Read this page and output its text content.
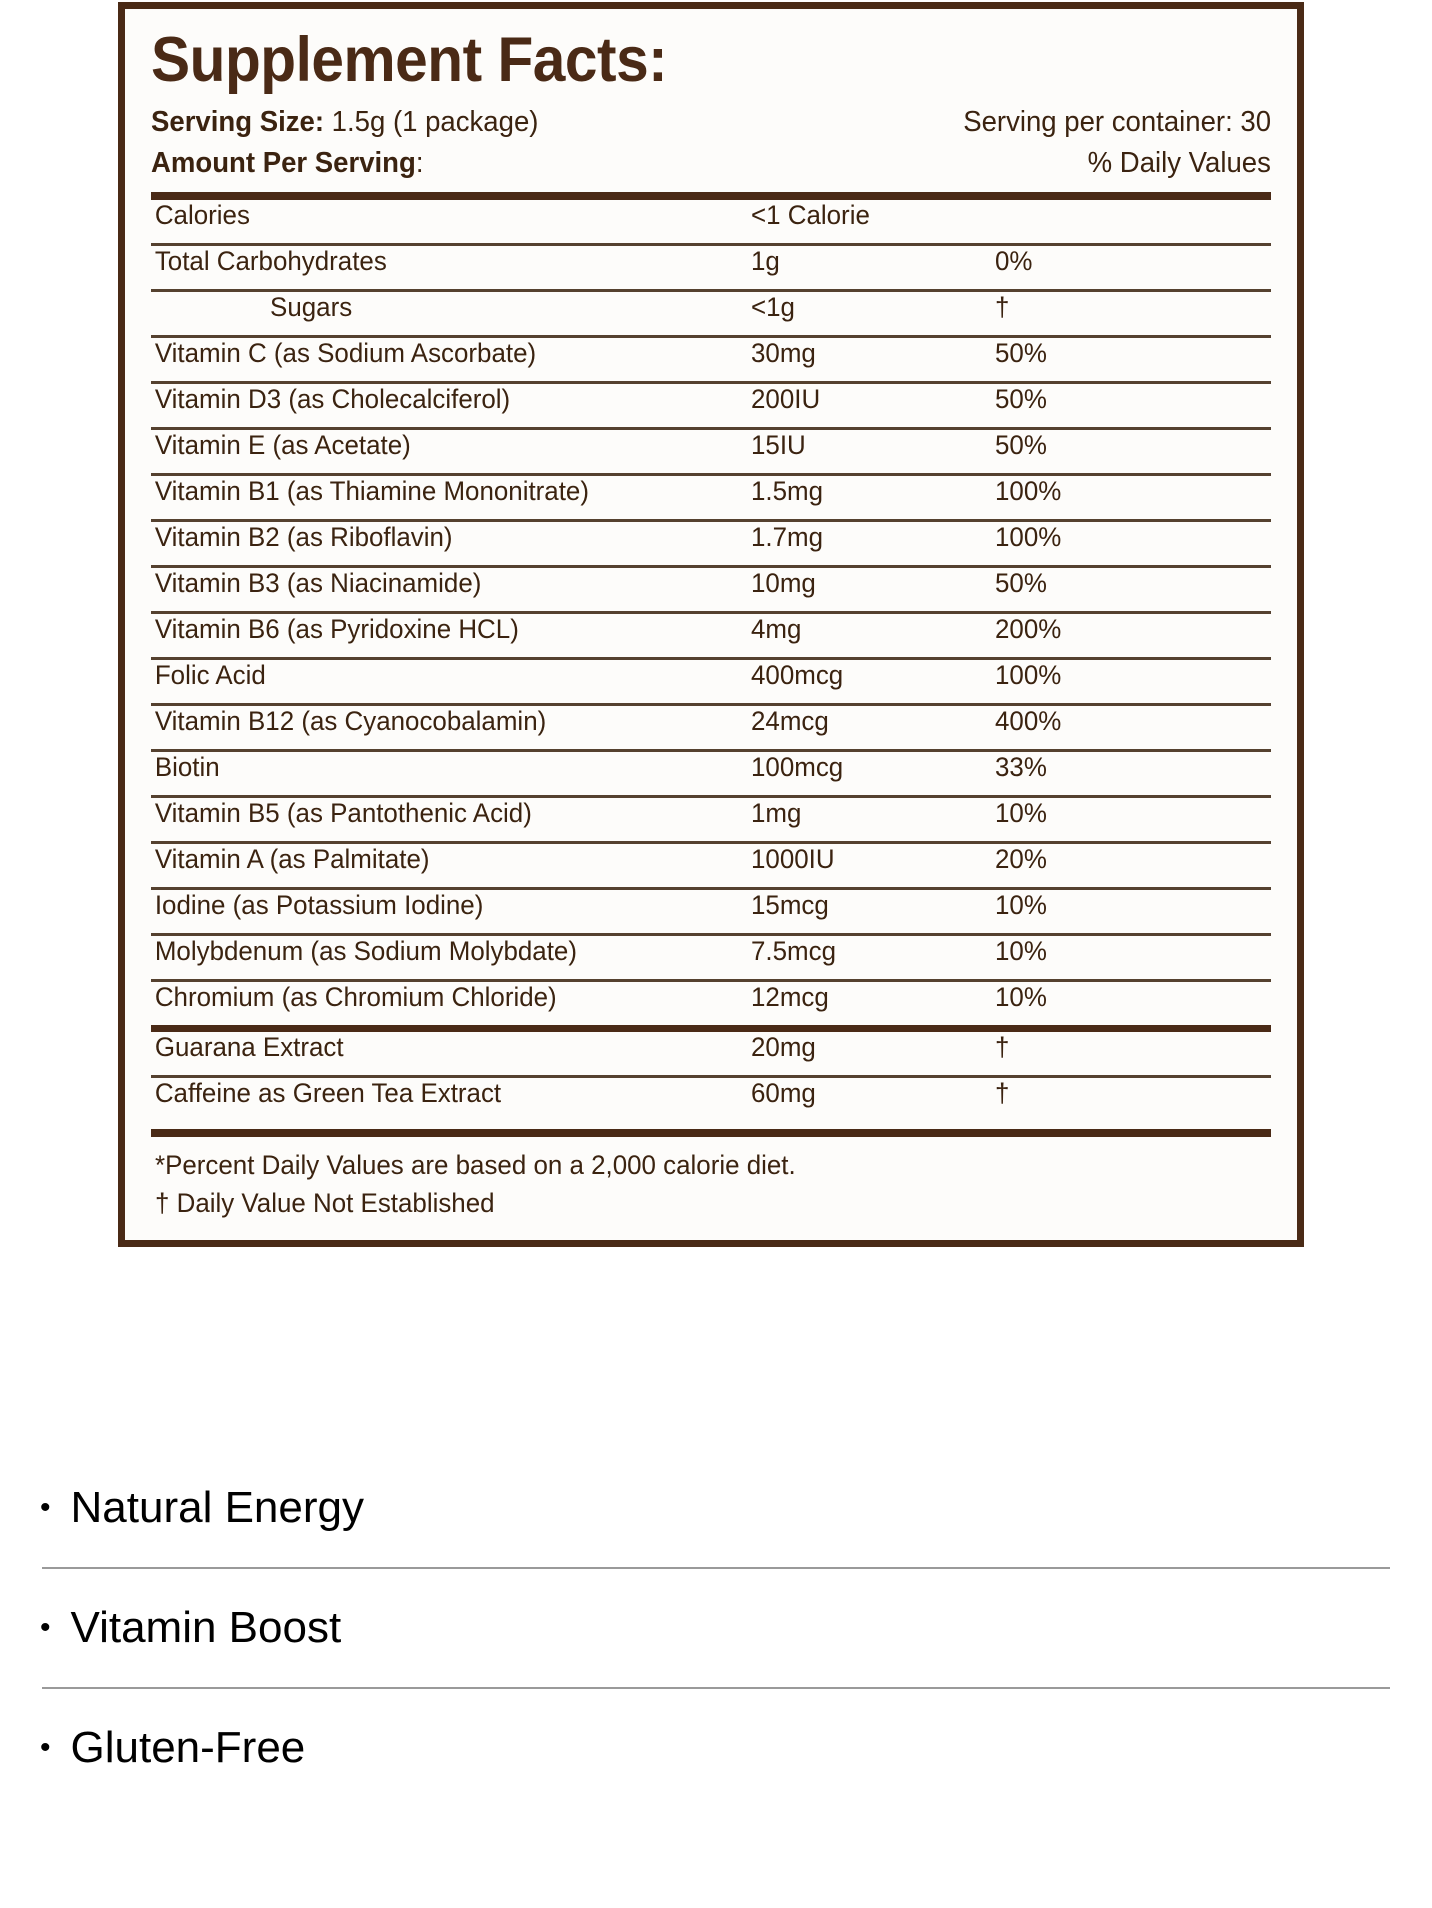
Supplement Facts:
Serving Size: 1.5g (1 package)	Serving per container: 30
Amount Per Serving:	% Daily Values
Calories	<1 Calorie
Total Carbohydrates	1g	0%
Sugars	<1g	†
Vitamin C (as Sodium Ascorbate)	30mg	50%
Vitamin D3 (as Cholecalciferol)	200IU	50%
Vitamin E (as Acetate)	15IU	50%
Vitamin B1 (as Thiamine Mononitrate)	1.5mg	100%
Vitamin B2 (as Riboflavin)	1.7mg	100%
Vitamin B3 (as Niacinamide)	10mg	50%
Vitamin B6 (as Pyridoxine HCL)	4mg	200%
Folic Acid	400mcg	100%
Vitamin B12 (as Cyanocobalamin)	24mcg	400%
Biotin	100mcg	33%
Vitamin B5 (as Pantothenic Acid)	1mg	10%
Vitamin A (as Palmitate)	1000IU	20%
Iodine (as Potassium Iodine)	15mcg	10%
Molybdenum (as Sodium Molybdate)	7.5mcg	10%
Chromium (as Chromium Chloride)	12mcg	10%
Guarana Extract	20mg	†
Caffeine as Green Tea Extract	60mg	†
*Percent Daily Values are based on a 2,000 calorie diet.
† Daily Value Not Established
• Natural Energy
• Vitamin Boost
• Gluten-Free
